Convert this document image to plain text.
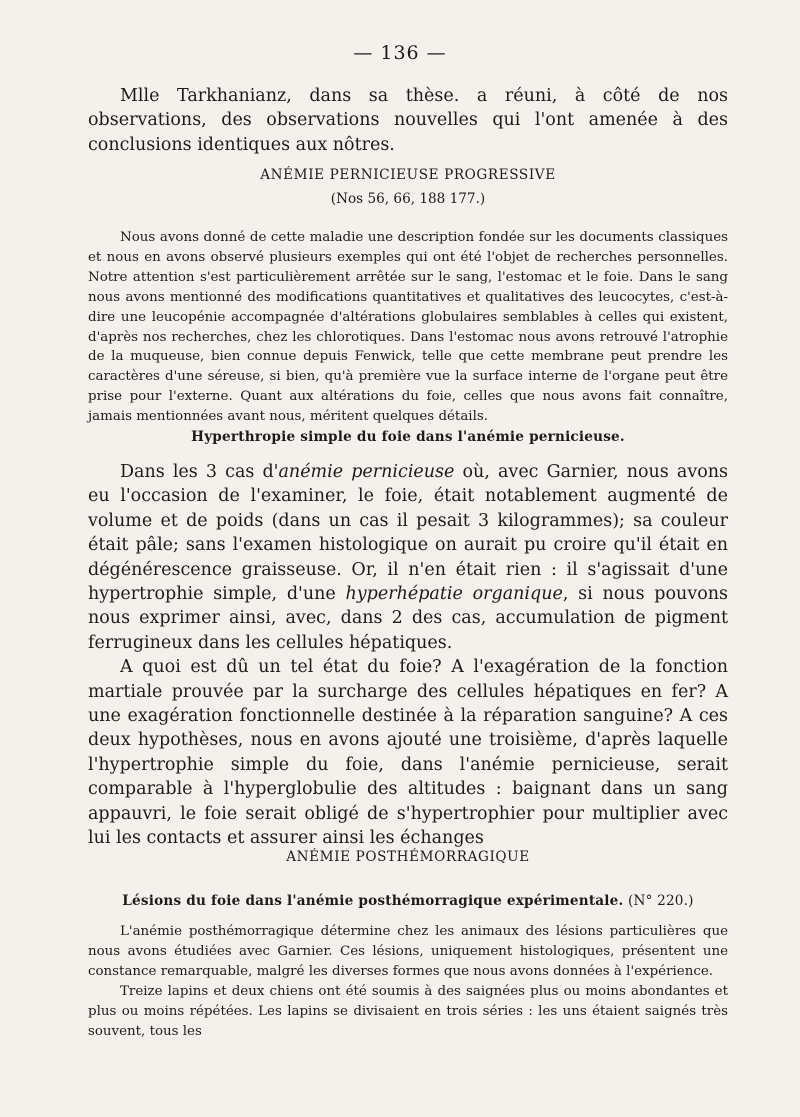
— 136 —

Mlle Tarkhanianz, dans sa thèse. a réuni, à côté de nos observations, des observations nouvelles qui l'ont amenée à des conclusions identiques aux nôtres.

ANÉMIE PERNICIEUSE PROGRESSIVE
(Nos 56, 66, 188 177.)

Nous avons donné de cette maladie une description fondée sur les documents classiques et nous en avons observé plusieurs exemples qui ont été l'objet de recherches personnelles. Notre attention s'est particulièrement arrêtée sur le sang, l'estomac et le foie. Dans le sang nous avons mentionné des modifications quantitatives et qualitatives des leucocytes, c'est-à-dire une leucopénie accompagnée d'altérations globulaires semblables à celles qui existent, d'après nos recherches, chez les chlorotiques. Dans l'estomac nous avons retrouvé l'atrophie de la muqueuse, bien connue depuis Fenwick, telle que cette membrane peut prendre les caractères d'une séreuse, si bien, qu'à première vue la surface interne de l'organe peut être prise pour l'externe. Quant aux altérations du foie, celles que nous avons fait connaître, jamais mentionnées avant nous, méritent quelques détails.

Hyperthropie simple du foie dans l'anémie pernicieuse.

Dans les 3 cas d'anémie pernicieuse où, avec Garnier, nous avons eu l'occasion de l'examiner, le foie, était notablement augmenté de volume et de poids (dans un cas il pesait 3 kilogrammes); sa couleur était pâle; sans l'examen histologique on aurait pu croire qu'il était en dégénérescence graisseuse. Or, il n'en était rien : il s'agissait d'une hypertrophie simple, d'une hyperhépatie organique, si nous pouvons nous exprimer ainsi, avec, dans 2 des cas, accumulation de pigment ferrugineux dans les cellules hépatiques.

A quoi est dû un tel état du foie? A l'exagération de la fonction martiale prouvée par la surcharge des cellules hépatiques en fer? A une exagération fonctionnelle destinée à la réparation sanguine? A ces deux hypothèses, nous en avons ajouté une troisième, d'après laquelle l'hypertrophie simple du foie, dans l'anémie pernicieuse, serait comparable à l'hyperglobulie des altitudes : baignant dans un sang appauvri, le foie serait obligé de s'hypertrophier pour multiplier avec lui les contacts et assurer ainsi les échanges

ANÉMIE POSTHÉMORRAGIQUE
Lésions du foie dans l'anémie posthémorragique expérimentale. (N° 220.)

L'anémie posthémorragique détermine chez les animaux des lésions particulières que nous avons étudiées avec Garnier. Ces lésions, uniquement histologiques, présentent une constance remarquable, malgré les diverses formes que nous avons données à l'expérience.

Treize lapins et deux chiens ont été soumis à des saignées plus ou moins abondantes et plus ou moins répétées. Les lapins se divisaient en trois séries : les uns étaient saignés très souvent, tous les
